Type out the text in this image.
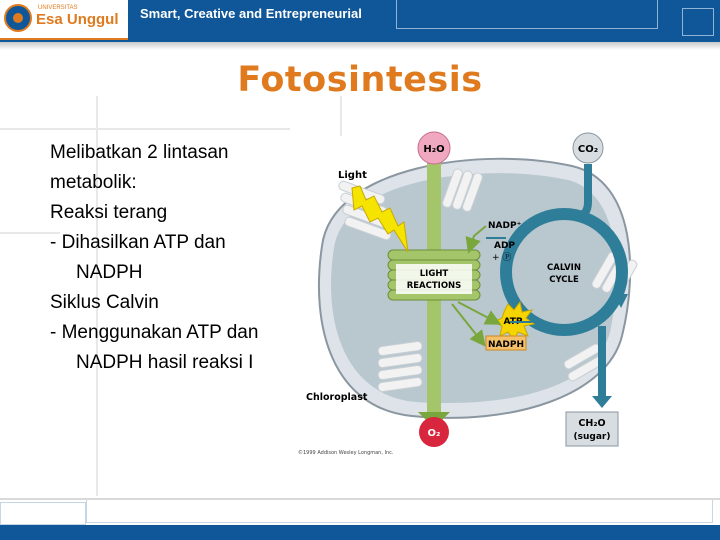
UNIVERSITAS
Esa Unggul Smart, Creative and Entrepreneurial
Fotosintesis

Melibatkan 2 lintasan metabolik:

Reaksi terang

- Dihasilkan ATP dan NADPH

Siklus Calvin

- Menggunakan ATP dan NADPH hasil reaksi I

H₂O
LIGHT
REACTIONS
Light
CALVIN
CYCLE
CO₂
CH₂O
(sugar)
NADP⁺
ADP
+ Ⓟ
ATP
NADPH
Chloroplast
O₂
©1999 Addison Wesley Longman, Inc.
